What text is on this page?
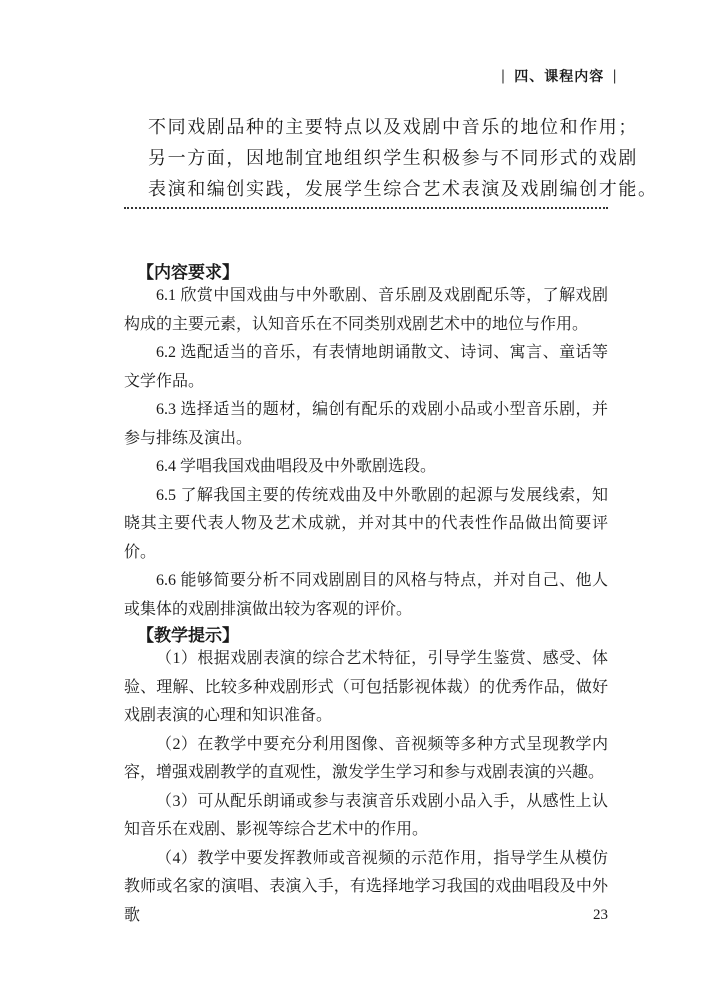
| 四、课程内容 |

不同戏剧品种的主要特点以及戏剧中音乐的地位和作用；

另一方面，因地制宜地组织学生积极参与不同形式的戏剧

表演和编创实践，发展学生综合艺术表演及戏剧编创才能。

【内容要求】

6.1 欣赏中国戏曲与中外歌剧、音乐剧及戏剧配乐等，了解戏剧构成的主要元素，认知音乐在不同类别戏剧艺术中的地位与作用。

6.2 选配适当的音乐，有表情地朗诵散文、诗词、寓言、童话等文学作品。

6.3 选择适当的题材，编创有配乐的戏剧小品或小型音乐剧，并参与排练及演出。

6.4 学唱我国戏曲唱段及中外歌剧选段。

6.5 了解我国主要的传统戏曲及中外歌剧的起源与发展线索，知晓其主要代表人物及艺术成就，并对其中的代表性作品做出简要评价。

6.6 能够简要分析不同戏剧剧目的风格与特点，并对自己、他人或集体的戏剧排演做出较为客观的评价。

【教学提示】

（1）根据戏剧表演的综合艺术特征，引导学生鉴赏、感受、体验、理解、比较多种戏剧形式（可包括影视体裁）的优秀作品，做好戏剧表演的心理和知识准备。

（2）在教学中要充分利用图像、音视频等多种方式呈现教学内容，增强戏剧教学的直观性，激发学生学习和参与戏剧表演的兴趣。

（3）可从配乐朗诵或参与表演音乐戏剧小品入手，从感性上认知音乐在戏剧、影视等综合艺术中的作用。

（4）教学中要发挥教师或音视频的示范作用，指导学生从模仿教师或名家的演唱、表演入手，有选择地学习我国的戏曲唱段及中外歌	23
